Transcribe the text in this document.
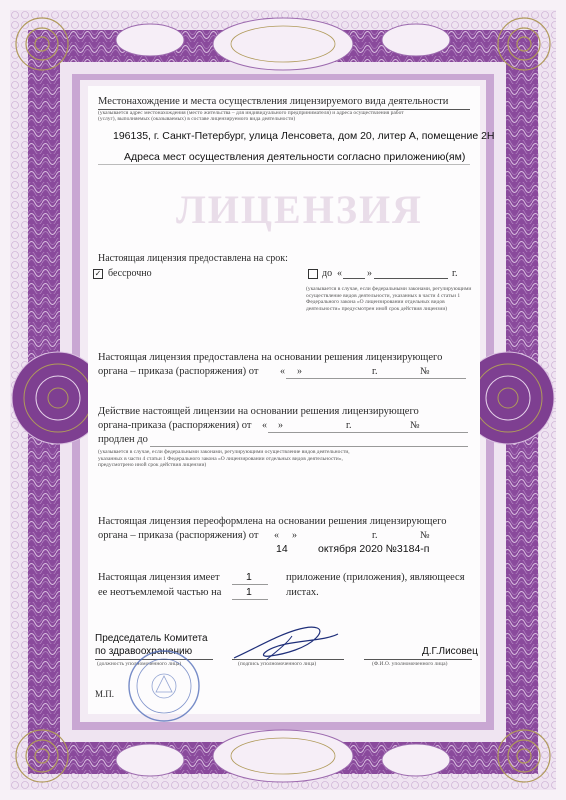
ЛИЦЕНЗИЯ
Местонахождение и места осуществления лицензируемого вида деятельности
(указывается адрес местонахождения (место жительства – для индивидуального предпринимателя) и адреса осуществления работ
(услуг), выполняемых (оказываемых) в составе лицензируемого вида деятельности)
196135, г. Санкт-Петербург, улица Ленсовета, дом 20, литер А, помещение 2Н
Адреса мест осуществления деятельности согласно приложению(ям)
Настоящая лицензия предоставлена на срок:
✓ бессрочно	до «	»	г.
(указывается в случае, если федеральными законами, регулирующими осуществление видов деятельности, указанных в части 4 статьи 1 Федерального закона «О лицензировании отдельных видов деятельности» предусмотрен иной срок действия лицензии)
Настоящая лицензия предоставлена на основании решения лицензирующего
органа – приказа (распоряжения) от « »	г.	№
Действие настоящей лицензии на основании решения лицензирующего
органа-приказа (распоряжения) от « »	г.	№
продлен до
(указывается в случае, если федеральными законами, регулирующими осуществление видов деятельности, указанных в части 4 статьи 1 Федерального закона «О лицензировании отдельных видов деятельности», предусмотрено иной срок действия лицензии)
Настоящая лицензия переоформлена на основании решения лицензирующего
органа – приказа (распоряжения) от « »	г.	№
14	октября 2020 №3184-п
Настоящая лицензия имеет	1	приложение (приложения), являющееся
ее неотъемлемой частью на 1	листах.
Председатель Комитета
по здравоохранению
(должность уполномоченного лица)	(подпись уполномоченного лица)
Д.Г.Лисовец
(Ф.И.О. уполномоченного лица)
М.П.
